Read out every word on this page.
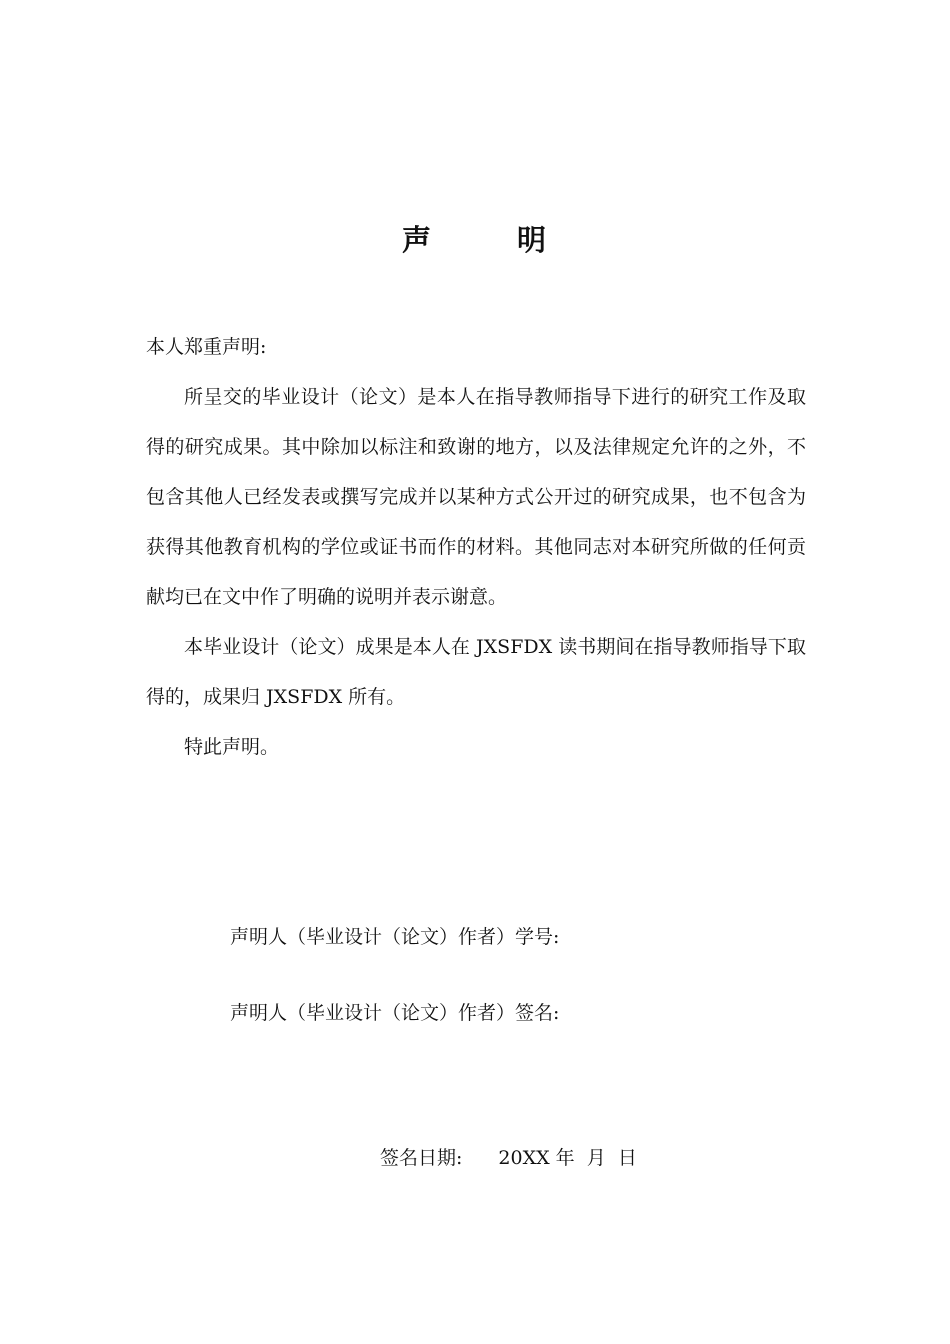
声	明

本人郑重声明:

所呈交的毕业设计（论文）是本人在指导教师指导下进行的研究工作及取得的研究成果。其中除加以标注和致谢的地方，以及法律规定允许的之外，不包含其他人已经发表或撰写完成并以某种方式公开过的研究成果，也不包含为获得其他教育机构的学位或证书而作的材料。其他同志对本研究所做的任何贡献均已在文中作了明确的说明并表示谢意。

本毕业设计（论文）成果是本人在 JXSFDX 读书期间在指导教师指导下取得的，成果归 JXSFDX 所有。

特此声明。

声明人（毕业设计（论文）作者）学号:

声明人（毕业设计（论文）作者）签名:

签名日期: 20XX 年  月  日
